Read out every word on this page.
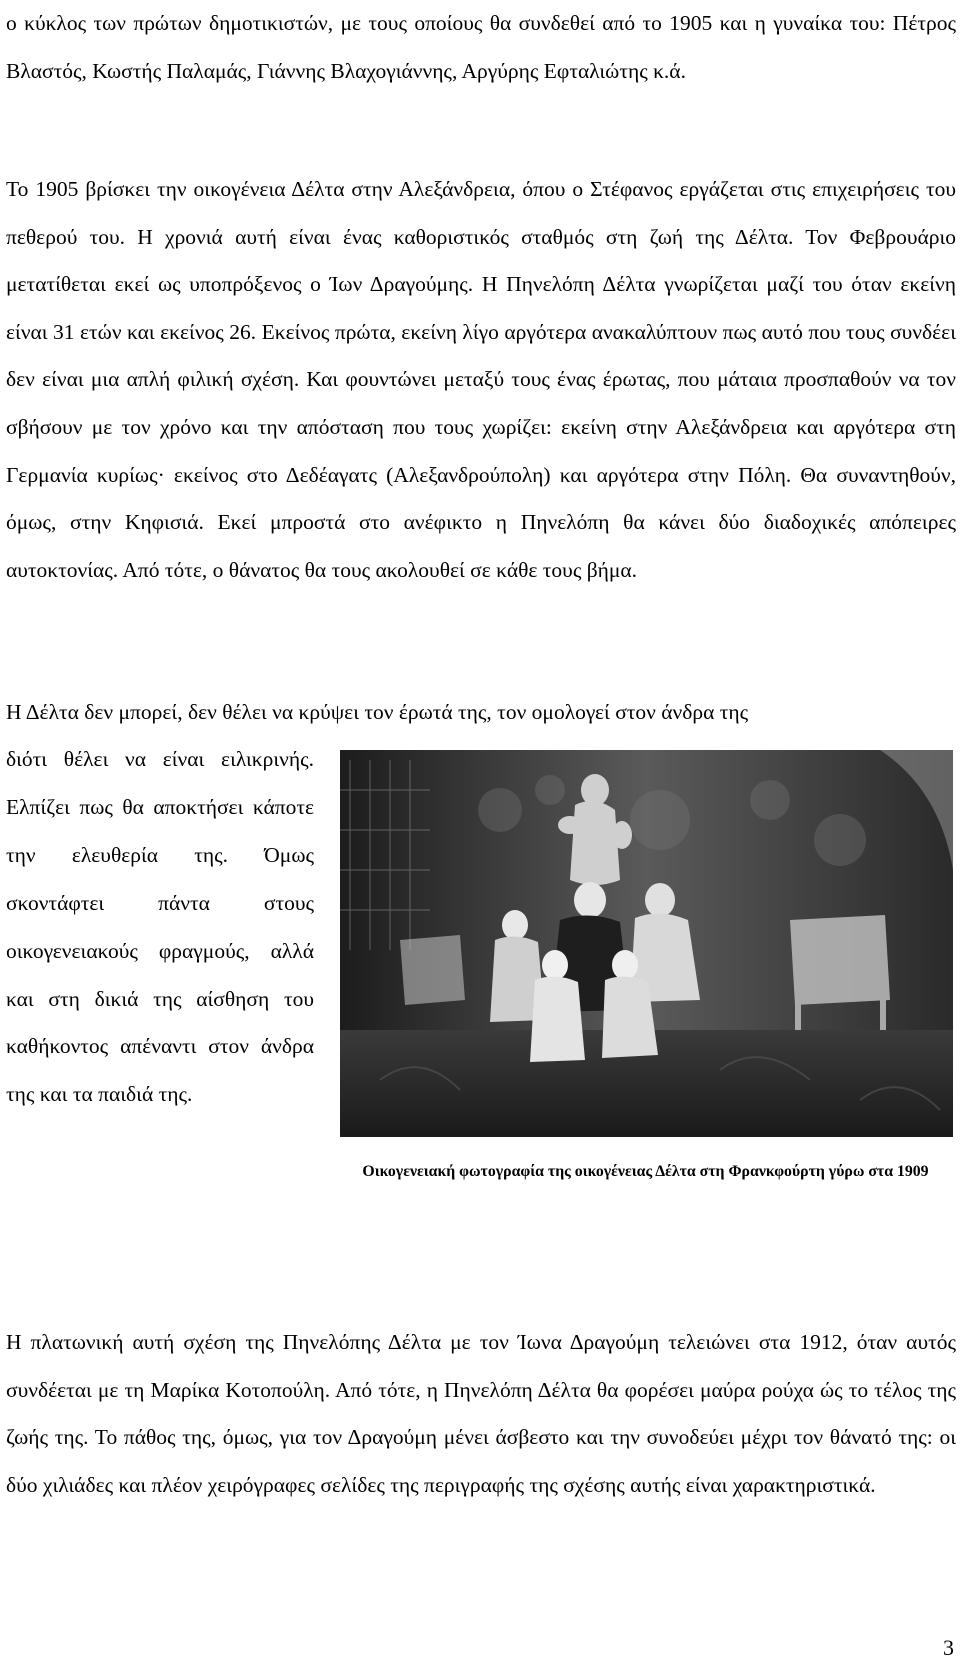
ο κύκλος των πρώτων δημοτικιστών, με τους οποίους θα συνδεθεί από το 1905 και η γυναίκα του: Πέτρος Βλαστός, Κωστής Παλαμάς, Γιάννης Βλαχογιάννης, Αργύρης Εφταλιώτης κ.ά.

Το 1905 βρίσκει την οικογένεια Δέλτα στην Αλεξάνδρεια, όπου ο Στέφανος εργάζεται στις επιχειρήσεις του πεθερού του. Η χρονιά αυτή είναι ένας καθοριστικός σταθμός στη ζωή της Δέλτα. Τον Φεβρουάριο μετατίθεται εκεί ως υποπρόξενος ο Ίων Δραγούμης. Η Πηνελόπη Δέλτα γνωρίζεται μαζί του όταν εκείνη είναι 31 ετών και εκείνος 26. Εκείνος πρώτα, εκείνη λίγο αργότερα ανακαλύπτουν πως αυτό που τους συνδέει δεν είναι μια απλή φιλική σχέση. Και φουντώνει μεταξύ τους ένας έρωτας, που μάταια προσπαθούν να τον σβήσουν με τον χρόνο και την απόσταση που τους χωρίζει: εκείνη στην Αλεξάνδρεια και αργότερα στη Γερμανία κυρίως· εκείνος στο Δεδέαγατς (Αλεξανδρούπολη) και αργότερα στην Πόλη. Θα συναντηθούν, όμως, στην Κηφισιά. Εκεί μπροστά στο ανέφικτο η Πηνελόπη θα κάνει δύο διαδοχικές απόπειρες αυτοκτονίας. Από τότε, ο θάνατος θα τους ακολουθεί σε κάθε τους βήμα.

Η Δέλτα δεν μπορεί, δεν θέλει να κρύψει τον έρωτά της, τον ομολογεί στον άνδρα της

διότι θέλει να είναι ειλικρινής. Ελπίζει πως θα αποκτήσει κάποτε την ελευθερία της. Όμως σκοντάφτει πάντα στους οικογενειακούς φραγμούς, αλλά και στη δικιά της αίσθηση του καθήκοντος απέναντι στον άνδρα της και τα παιδιά της.

Οικογενειακή φωτογραφία της οικογένειας Δέλτα στη Φρανκφούρτη γύρω στα 1909

Η πλατωνική αυτή σχέση της Πηνελόπης Δέλτα με τον Ίωνα Δραγούμη τελειώνει στα 1912, όταν αυτός συνδέεται με τη Μαρίκα Κοτοπούλη. Από τότε, η Πηνελόπη Δέλτα θα φορέσει μαύρα ρούχα ώς το τέλος της ζωής της. Το πάθος της, όμως, για τον Δραγούμη μένει άσβεστο και την συνοδεύει μέχρι τον θάνατό της: οι δύο χιλιάδες και πλέον χειρόγραφες σελίδες της περιγραφής της σχέσης αυτής είναι χαρακτηριστικά.

3
